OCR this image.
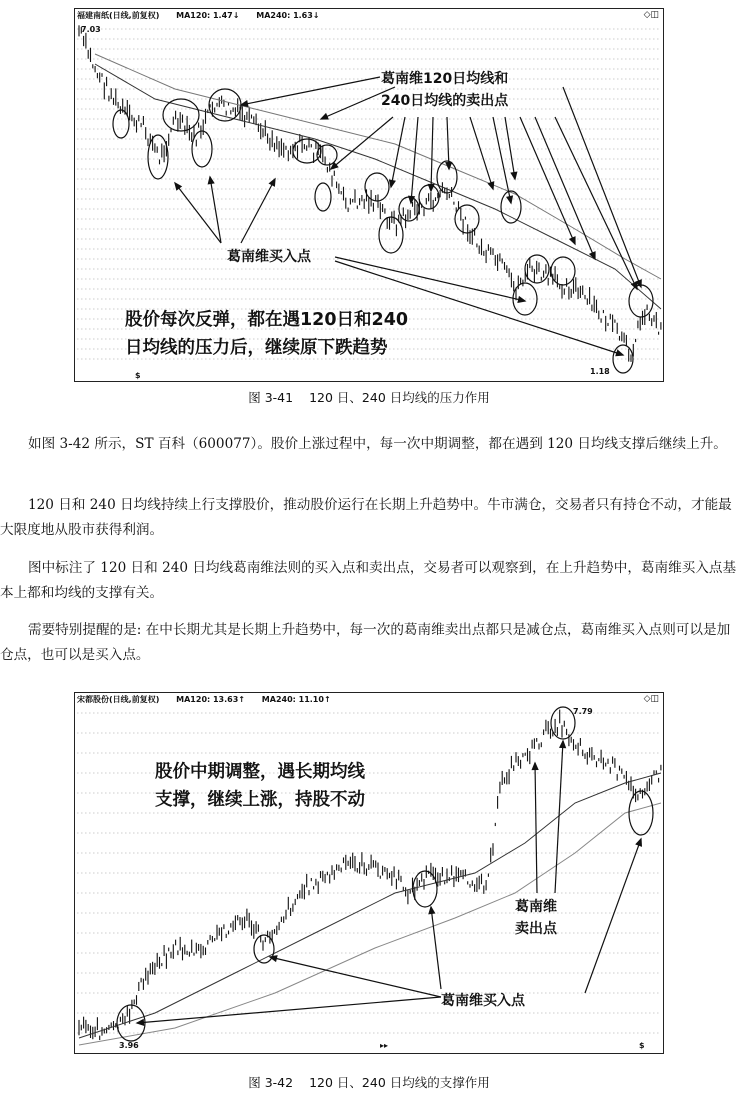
福建南纸(日线,前复权) MA120: 1.47↓ MA240: 1.63↓	◇◫
7.03
1.18
$
葛南维120日均线和
240日均线的卖出点
葛南维买入点
股价每次反弹，都在遇120日和240
日均线的压力后，继续原下跌趋势
图 3-41 120 日、240 日均线的压力作用
如图 3-42 所示，ST 百科（600077）。股价上涨过程中，每一次中期调整，都在遇到 120 日均线支撑后继续上升。
120 日和 240 日均线持续上行支撑股价，推动股价运行在长期上升趋势中。牛市满仓，交易者只有持仓不动，才能最大限度地从股市获得利润。
图中标注了 120 日和 240 日均线葛南维法则的买入点和卖出点，交易者可以观察到，在上升趋势中，葛南维买入点基本上都和均线的支撑有关。
需要特别提醒的是: 在中长期尤其是长期上升趋势中，每一次的葛南维卖出点都只是减仓点，葛南维买入点则可以是加仓点，也可以是买入点。
宋都股份(日线,前复权) MA120: 13.63↑ MA240: 11.10↑	◇◫
7.79
3.96	▸▸	$
股价中期调整，遇长期均线
支撑，继续上涨，持股不动
葛南维
卖出点
葛南维买入点
图 3-42 120 日、240 日均线的支撑作用
